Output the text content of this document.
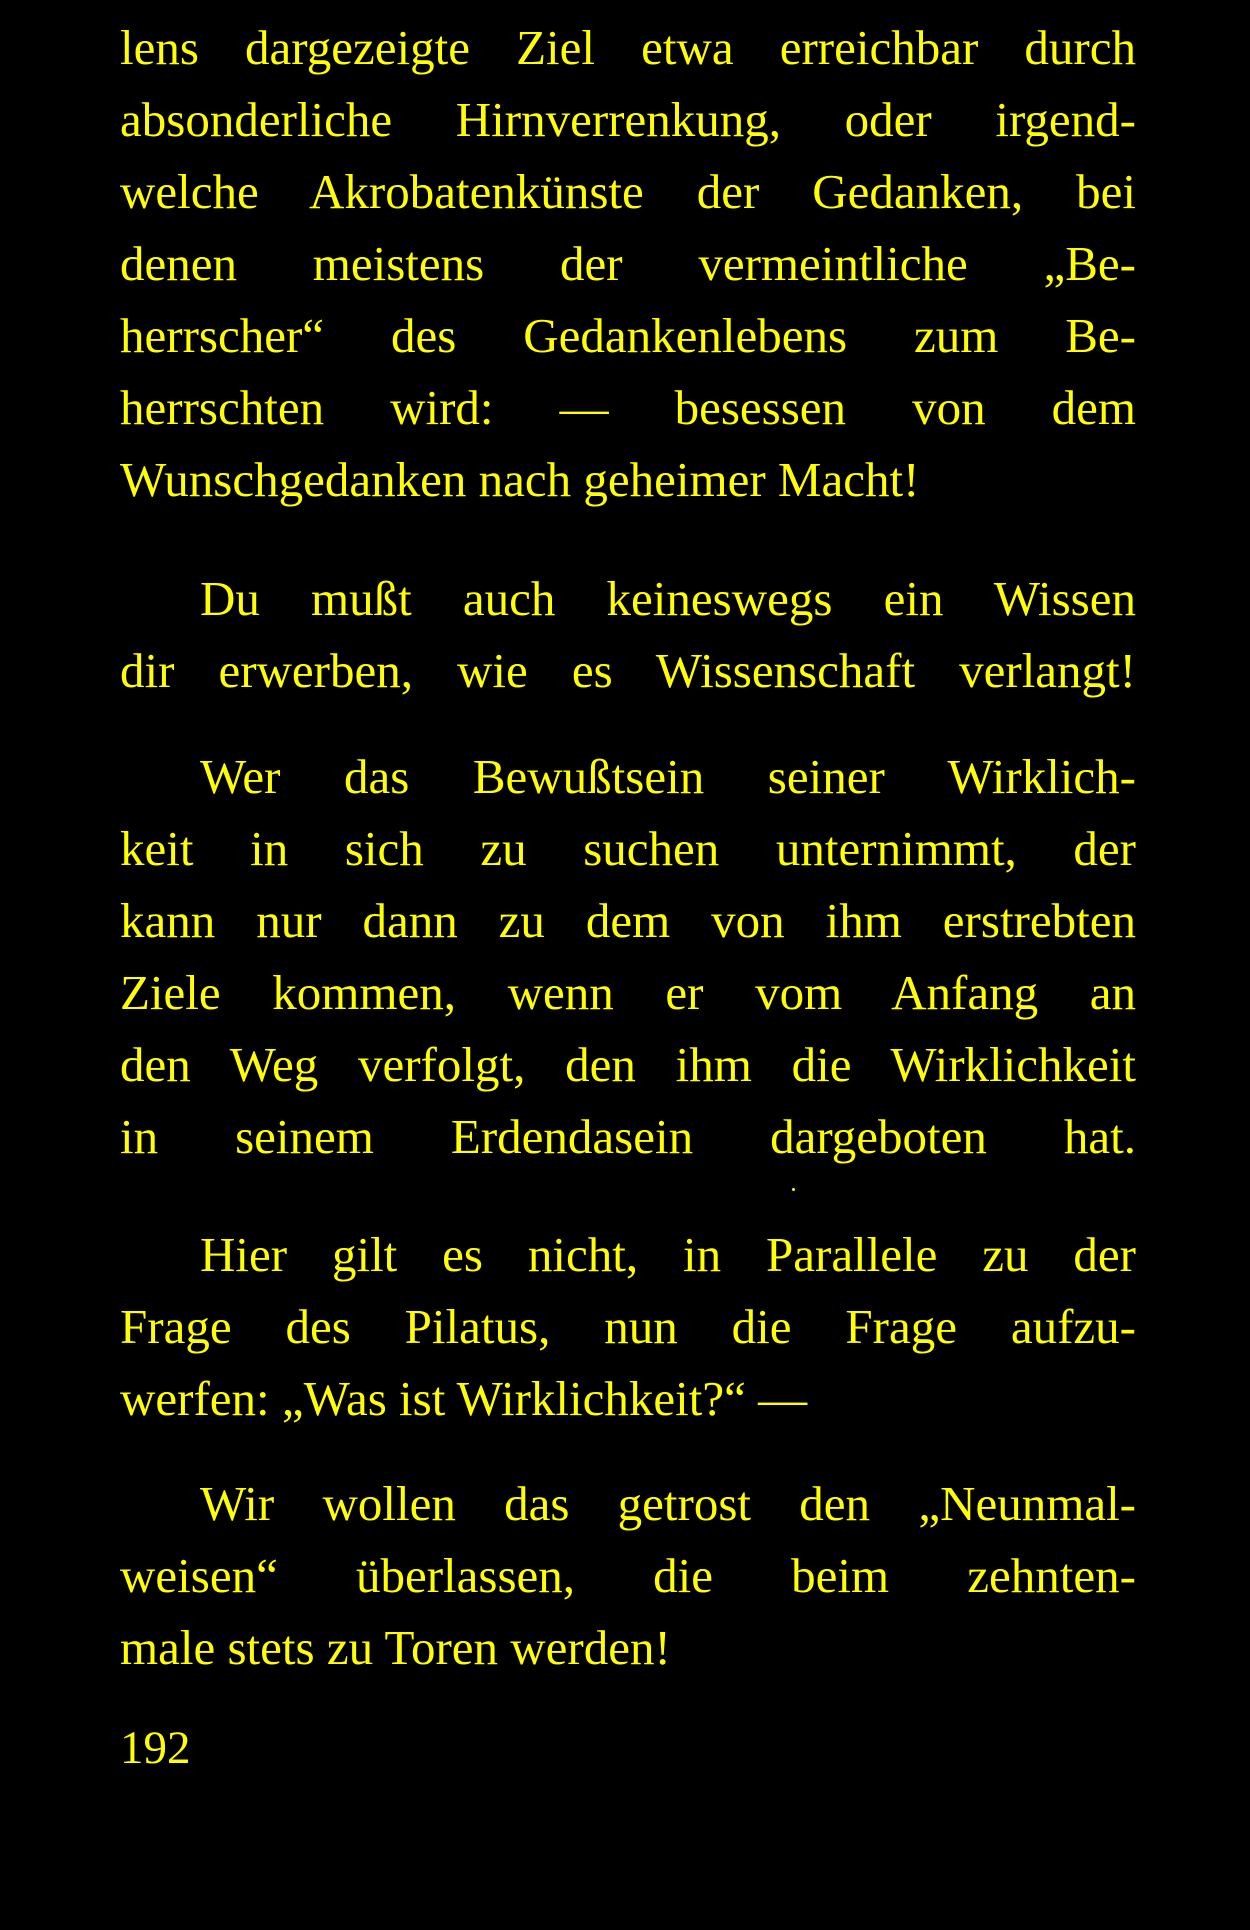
lens dargezeigte Ziel etwa erreichbar durch
absonderliche Hirnverrenkung, oder irgend-
welche Akrobatenkünste der Gedanken, bei
denen meistens der vermeintliche „Be-
herrscher“ des Gedankenlebens zum Be-
herrschten wird: — besessen von dem
Wunschgedanken nach geheimer Macht!
Du mußt auch keineswegs ein Wissen
dir erwerben, wie es Wissenschaft verlangt!
Wer das Bewußtsein seiner Wirklich-
keit in sich zu suchen unternimmt, der
kann nur dann zu dem von ihm erstrebten
Ziele kommen, wenn er vom Anfang an
den Weg verfolgt, den ihm die Wirklichkeit
in seinem Erdendasein dargeboten hat.
Hier gilt es nicht, in Parallele zu der
Frage des Pilatus, nun die Frage aufzu-
werfen: „Was ist Wirklichkeit?“ —
Wir wollen das getrost den „Neunmal-
weisen“ überlassen, die beim zehnten-
male stets zu Toren werden!
192
